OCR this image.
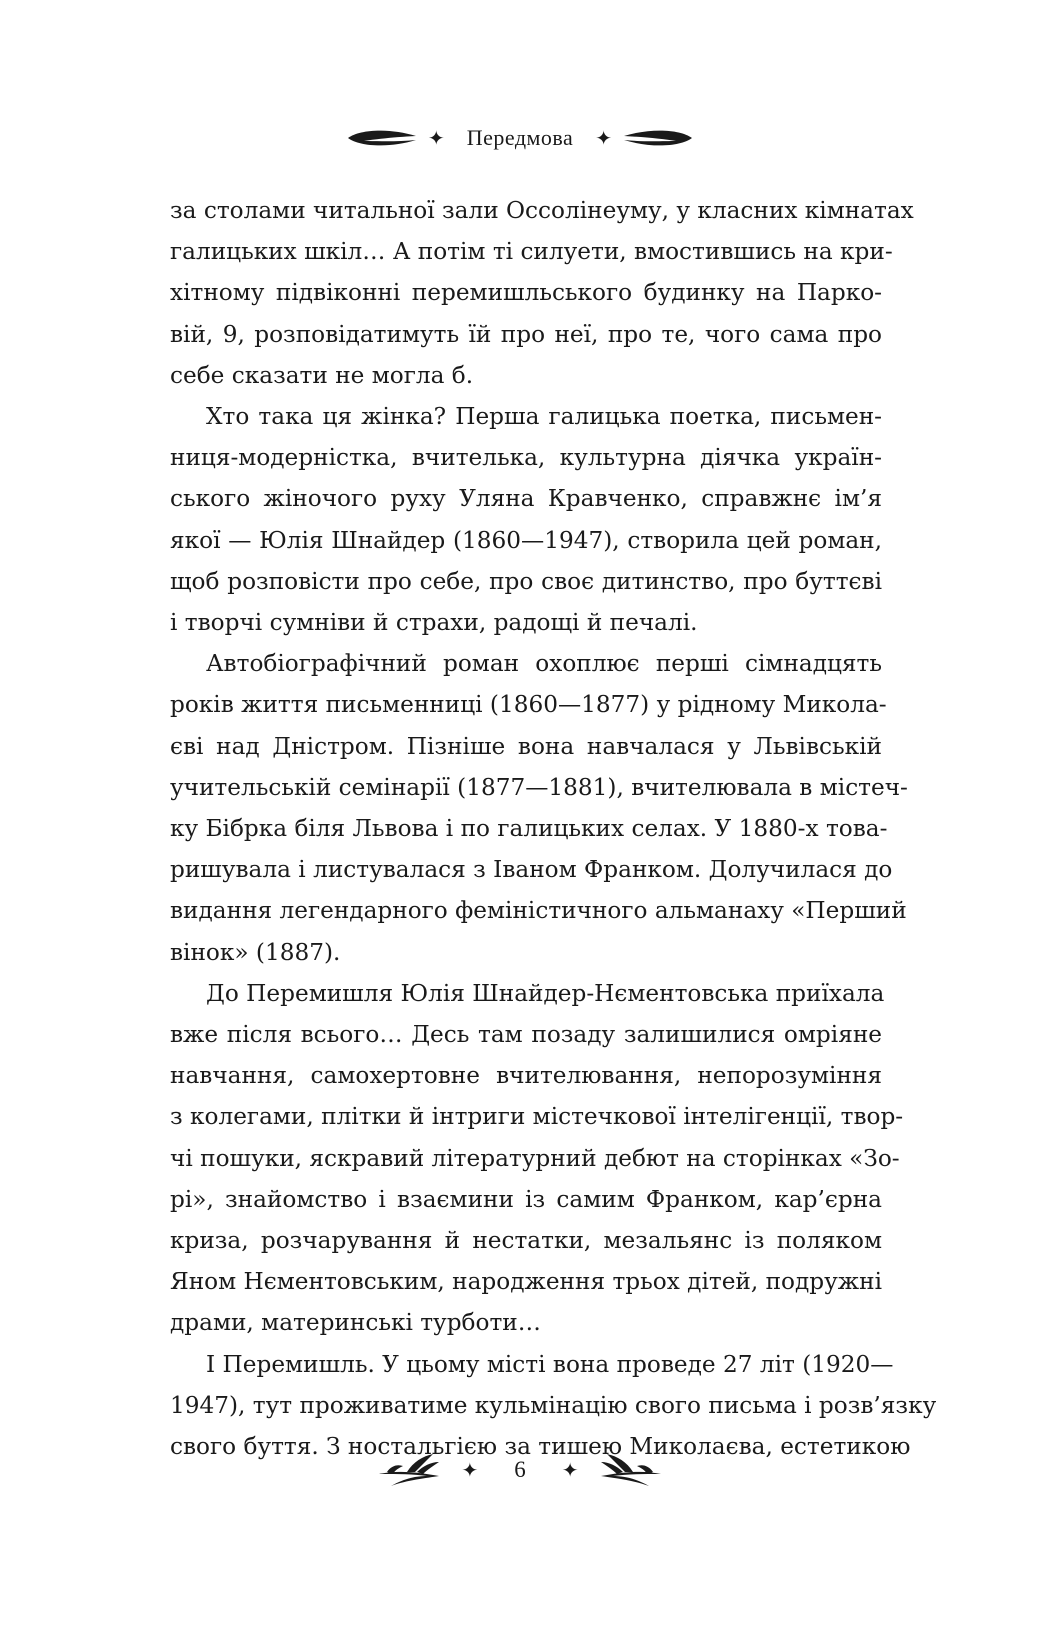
✦ Передмова ✦
за столами читальної зали Оссолінеуму, у класних кімнатах
галицьких шкіл… А потім ті силуети, вмостившись на кри-
хітному підвіконні перемишльського будинку на Парко-
вій, 9, розповідатимуть їй про неї, про те, чого сама про
себе сказати не могла б.
Хто така ця жінка? Перша галицька поетка, письмен-
ниця-модерністка, вчителька, культурна діячка україн-
ського жіночого руху Уляна Кравченко, справжнє ім’я
якої — Юлія Шнайдер (1860—1947), створила цей роман,
щоб розповісти про себе, про своє дитинство, про буттєві
і творчі сумніви й страхи, радощі й печалі.
Автобіографічний роман охоплює перші сімнадцять
років життя письменниці (1860—1877) у рідному Микола-
єві над Дністром. Пізніше вона навчалася у Львівській
учительській семінарії (1877—1881), вчителювала в містеч-
ку Бібрка біля Львова і по галицьких селах. У 1880-х това-
ришувала і листувалася з Іваном Франком. Долучилася до
видання легендарного феміністичного альманаху «Перший
вінок» (1887).
До Перемишля Юлія Шнайдер-Нєментовська приїхала
вже після всього… Десь там позаду залишилися омріяне
навчання, самохертовне вчителювання, непорозуміння
з колегами, плітки й інтриги містечкової інтелігенції, твор-
чі пошуки, яскравий літературний дебют на сторінках «Зо-
рі», знайомство і взаємини із самим Франком, кар’єрна
криза, розчарування й нестатки, мезальянс із поляком
Яном Нєментовським, народження трьох дітей, подружні
драми, материнські турботи…
І Перемишль. У цьому місті вона проведе 27 літ (1920—
1947), тут проживатиме кульмінацію свого письма і розв’язку
свого буття. З ностальгією за тишею Миколаєва, естетикою
✦ 6 ✦
